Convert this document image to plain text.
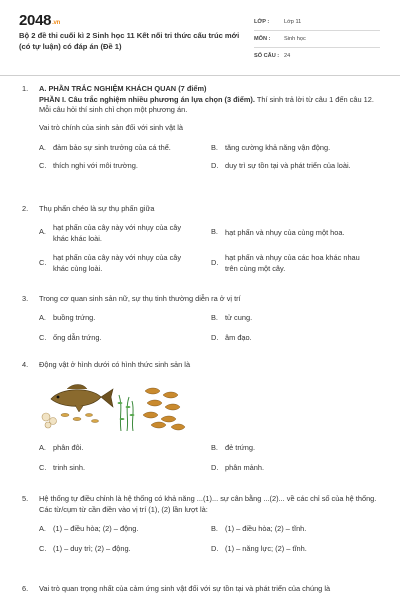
2048.vn
Bộ 2 đề thi cuối kì 2 Sinh học 11 Kết nối tri thức cấu trúc mới (có tự luận) có đáp án (Đề 1)
LỚP :	Lớp 11
MÔN :	Sinh học
SỐ CÂU : 24
1.	A. PHẦN TRẮC NGHIỆM KHÁCH QUAN (7 điểm)
PHẦN I. Câu trắc nghiệm nhiều phương án lựa chọn (3 điểm). Thí sinh trả lời từ câu 1 đến câu 12. Mỗi câu hỏi thí sinh chỉ chọn một phương án.
Vai trò chính của sinh sản đối với sinh vật là
A. đảm bảo sự sinh trưởng của cá thể.	B. tăng cường khả năng vận động.
C. thích nghi với môi trường.	D. duy trì sự tồn tại và phát triển của loài.
2.	Thụ phấn chéo là sự thụ phấn giữa
A.
hạt phấn của cây này với nhụy của cây khác khác loài.
B. hạt phấn và nhụy của cùng một hoa.
C.
hạt phấn của cây này với nhụy của cây khác cùng loài.
D.
hạt phấn và nhụy của các hoa khác nhau trên cùng một cây.
3.	Trong cơ quan sinh sản nữ, sự thụ tinh thường diễn ra ở vị trí
A. buồng trứng.	B. tử cung.
C. ống dẫn trứng.	D. âm đạo.
4.	Động vật ở hình dưới có hình thức sinh sản là
A. phân đôi.	B. đẻ trứng.
C. trinh sinh.	D. phân mảnh.
5.	Hệ thống tự điều chỉnh là hệ thống có khả năng ...(1)... sự cân bằng ...(2)... về các chỉ số của hệ thống.
Các từ/cụm từ cần điền vào vị trí (1), (2) lần lượt là:
A. (1) – điều hòa; (2) – động.	B. (1) – điều hòa; (2) – tĩnh.
C. (1) – duy trì; (2) – động.	D. (1) – năng lực; (2) – tĩnh.
6.	Vai trò quan trọng nhất của cảm ứng sinh vật đối với sự tồn tại và phát triển của chúng là
